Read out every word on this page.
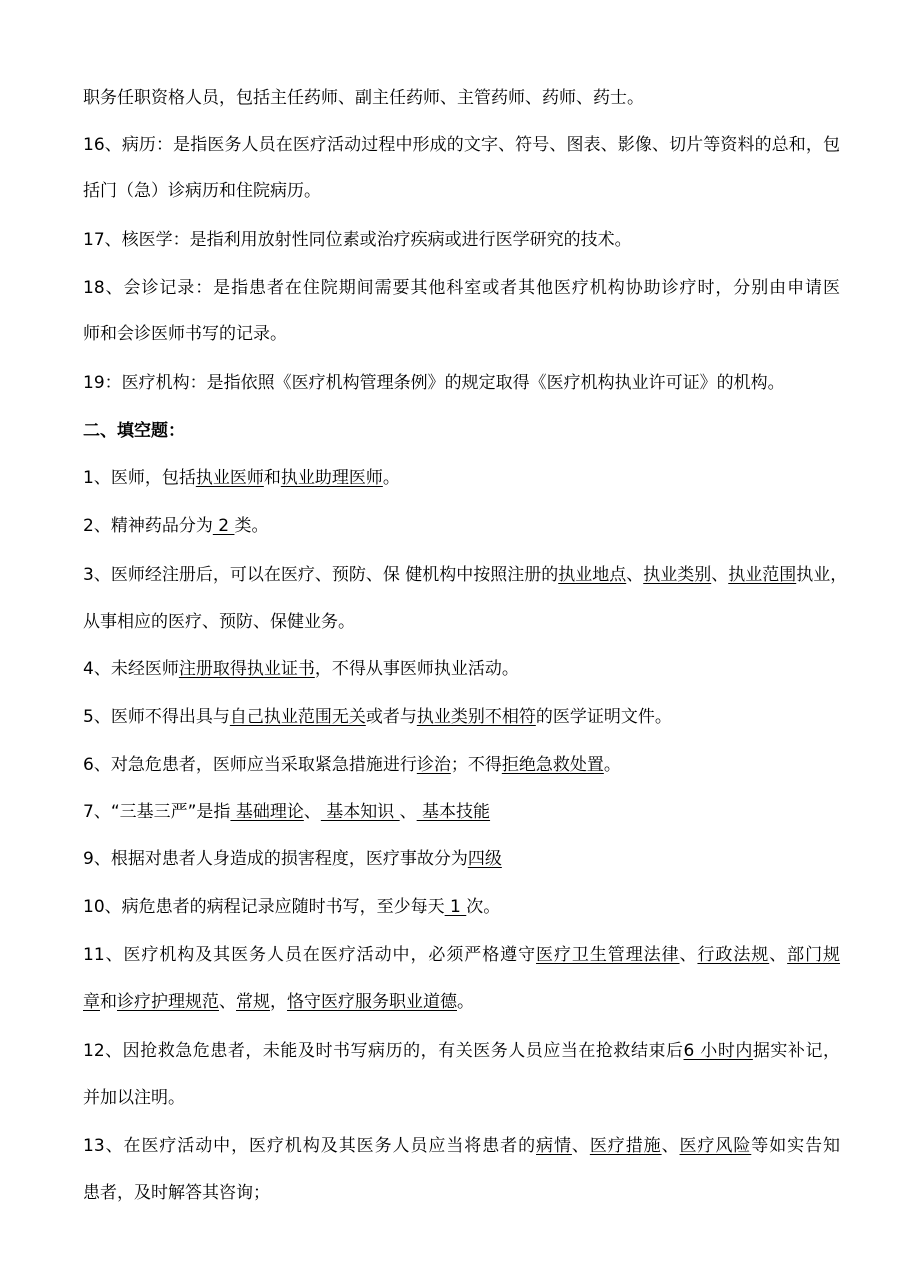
职务任职资格人员，包括主任药师、副主任药师、主管药师、药师、药士。
16、病历：是指医务人员在医疗活动过程中形成的文字、符号、图表、影像、切片等资料的总和，包
括门（急）诊病历和住院病历。
17、核医学：是指利用放射性同位素或治疗疾病或进行医学研究的技术。
18、会诊记录：是指患者在住院期间需要其他科室或者其他医疗机构协助诊疗时，分别由申请医
师和会诊医师书写的记录。
19：医疗机构：是指依照《医疗机构管理条例》的规定取得《医疗机构执业许可证》的机构。
二、填空题：
1、医师，包括执业医师和执业助理医师。
2、精神药品分为 2 类。
3、医师经注册后，可以在医疗、预防、保 健机构中按照注册的执业地点、执业类别、执业范围执业，
从事相应的医疗、预防、保健业务。
4、未经医师注册取得执业证书，不得从事医师执业活动。
5、医师不得出具与自己执业范围无关或者与执业类别不相符的医学证明文件。
6、对急危患者，医师应当采取紧急措施进行诊治；不得拒绝急救处置。
7、“三基三严”是指 基础理论、 基本知识 、 基本技能
9、根据对患者人身造成的损害程度，医疗事故分为四级
10、病危患者的病程记录应随时书写，至少每天 1 次。
11、医疗机构及其医务人员在医疗活动中，必须严格遵守医疗卫生管理法律、行政法规、部门规
章和诊疗护理规范、常规，恪守医疗服务职业道德。
12、因抢救急危患者，未能及时书写病历的，有关医务人员应当在抢救结束后6 小时内据实补记，
并加以注明。
13、在医疗活动中，医疗机构及其医务人员应当将患者的病情、医疗措施、医疗风险等如实告知
患者，及时解答其咨询；
